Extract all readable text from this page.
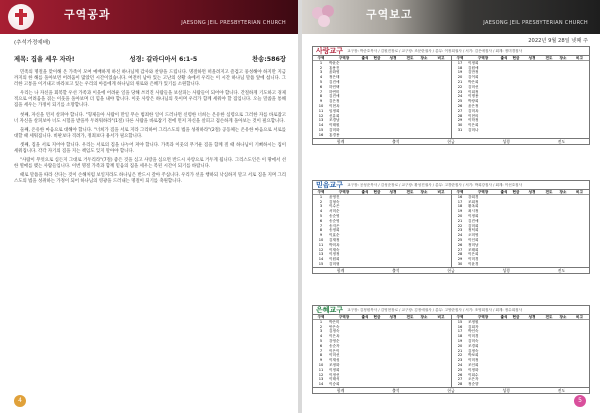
구역공과
JAESONG JEIL PRESBYTERIAN CHURCH
(추석가정예배)
제목: 집을 세우 자라!	성경: 갈라디아서 6:1-5	찬송:586장

민족의 명절을 맞이해 온 가족이 모여 예배하게 하신 하나님께 감사와 찬양을 드립니다. 명절하면 떠올려지고 즐겁고 풍성해야 하지만 지금까지의 한 해를 돌아보면 어려움이 많았던 시간이었습니다. 여전히 남아 있는 고난의 상황 속에서 우리는 이 시간 하나님 말씀 앞에 섭니다. 그러한 고통을 이겨내고 바라보고 있는 우리의 아픔에게 하나님의 위로와 은혜가 있기를 소원합니다.

우리는 나 자신을 회복할 우선 가족과 이웃에 어려운 일을 당해 쓰러진 사람들을 보살피는 사람들이 되어야 합니다. 간절하게 기도하고 경제적으로 어려움을 겪는 이웃을 돌아보며 더 힘을 내야 합니다. 이웃 사랑은 하나님의 뜻이며 우리가 함께 세워야 할 집입니다. 오늘 말씀을 통해 집을 세우는 가정이 되기를 소망합니다.

첫째, 자신을 먼저 살펴야 합니다. "형제들아 사람이 만일 무슨 범죄한 일이 드러나면 신령한 너희는 온유한 심령으로 그러한 자를 바로잡고 너 자신을 살펴보아 너도 시험을 받을까 두려워하라"(1절) 다른 사람을 바로잡기 전에 먼저 자신을 살피고 겸손하게 돌아보는 것이 필요합니다.

둘째, 온유한 마음으로 대해야 합니다. "너희가 짐을 서로 지라 그리하여 그리스도의 법을 성취하라"(2절) 공동체는 온유한 마음으로 서로를 대할 때 세워집니다. 비판보다 격려가, 정죄보다 용서가 필요합니다.

셋째, 짐을 서로 지어야 합니다. 우리는 서로의 짐을 나누어 져야 합니다. 가족과 이웃의 무거운 짐을 함께 질 때 하나님이 기뻐하시는 집이 세워집니다. 각각 자기의 짐을 지는 책임도 잊지 말아야 합니다.

"사람이 무엇으로 심든지 그대로 거두리라"(7절) 좋은 것을 심고 사랑을 심으면 반드시 사랑으로 거두게 됩니다. 그리스도인은 이 땅에서 선한 열매를 맺는 사람들입니다. 이번 명절 가족과 함께 믿음의 집을 세우는 복된 시간이 되기를 바랍니다.

때로 말씀을 따라 산다는 것이 손해처럼 보일지라도 하나님은 반드시 갚아 주십니다. 우리가 선을 행하되 낙심하지 말고 서로 짐을 지며 그리스도의 법을 성취하는 가정이 되어 하나님의 영광을 드러내는 명절이 되기를 축원합니다.

4
구역보고
JAESONG JEIL PRESBYTERIAN CHURCH
2022년 9월 28일 넷째 주
사랑교구 교구장: 박준호목사 / 김원진장로 / 교구장: 조문란권사 / 총무: 이정희권사 / 서기: 김은애집사 / 회계: 정미경집사
구역	구역장	출석	헌금	성경	전도	장소	비고
1	박윤순
2	홍용진
3	윤화영
4	정은태
5	김진애
6	하민택
7	하연미
8	김진애
9	김은정
10	이현옥
11	임정희
12	신유희
13	조경남
14	이태원
15	김미화
16	홍경용
구역	구역장	출석	헌금	성경	전도	장소	비고
17	이정희
18	김원애
19	김만정
20	김이희
21	박은희
22	김미선
23	이희정
24	이명용
25	박장희
26	윤은정
27	김미옥
28	이현의
29	이학정
30	이은희
31	김미나
합계	출석	헌금	성경	전도
믿음교구 교구장: 공성준목사 / 김성준장로 / 교구장: 황성진권사 / 총무: 고경란집사 / 서기: 박희강집사 / 회계: 이선호집사
구역	구역장	출석	헌금	성경	전도	장소	비고
1	윤영진
2	김형숙
3	이수은
4	서미순
5	송순영
6	송순영
7	송지은
8	송정희
9	이효순
10	김재정
11	박미옥
12	이재숙
13	이정정
14	이원희
15	김미형
구역	구역장	출석	헌금	성경	전도	장소	비고
16	강희경
17	조희정
18	황옥희
19	최시정
20	이정희
21	김진애
22	김미희
23	정덕희
24	오미영
25	이인희
26	정미남
27	조태희
28	이은희
29	이미경
30	이윤경
합계	출석	헌금	성경	전도
은혜교구 교구장: 김정원목사 / 김영현장로 / 교구장: 김정애권사 / 총무: 고영란집사 / 서기: 조영희집사 / 회계: 정수희집사
구역	구역장	출석	헌금	성경	전도	장소	비고
1	박은미
2	안은숙
3	김정숙
4	이은옥
5	강영순
6	송순자
7	이은이
8	이미선
9	이재성
10	조정화
11	이정희
12	이정선
13	이태석
14	이승희
구역	구역장	출석	헌금	성경	전도	장소	비고
15	조정원
16	김희자
17	박인숙
18	이미경
19	김미숙
20	조경희
21	김정숙
22	박보희
23	이미정
24	조인희
25	이정화
26	이희수
27	오은자
28	정순향
합계	출석	헌금	성경	전도
5
